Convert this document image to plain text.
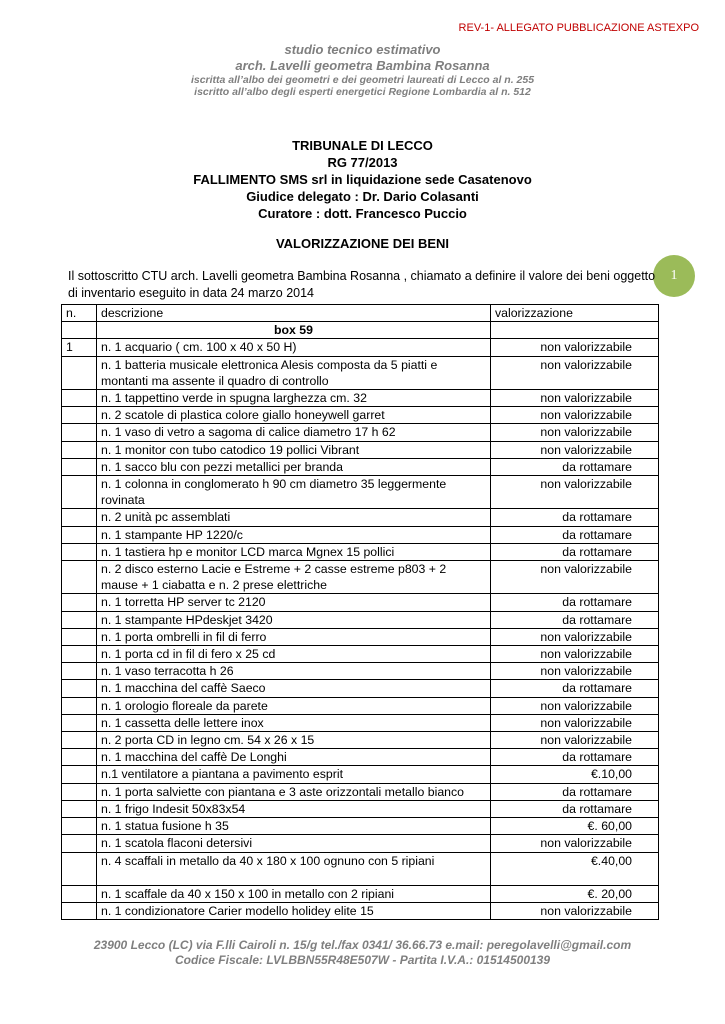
REV-1- ALLEGATO PUBBLICAZIONE ASTEXPO
studio tecnico estimativo
arch. Lavelli geometra Bambina Rosanna
iscritta all’albo dei geometri e dei geometri laureati di Lecco al n. 255
iscritto all’albo degli esperti energetici Regione Lombardia al n. 512
TRIBUNALE DI LECCO
RG 77/2013
FALLIMENTO SMS srl in liquidazione sede Casatenovo
Giudice delegato : Dr. Dario Colasanti
Curatore : dott. Francesco Puccio
VALORIZZAZIONE DEI BENI
1
Il sottoscritto CTU arch. Lavelli geometra Bambina Rosanna , chiamato a definire il valore dei beni oggetto di inventario eseguito in data 24 marzo 2014
n.	descrizione	valorizzazione
	box 59	
1	n. 1 acquario ( cm. 100 x 40 x 50 H)	non valorizzabile
	n. 1 batteria musicale elettronica Alesis composta da 5 piatti e montanti ma assente il quadro di controllo	non valorizzabile
	n. 1 tappettino verde in spugna larghezza cm. 32	non valorizzabile
	n. 2 scatole di plastica colore giallo honeywell garret	non valorizzabile
	n. 1 vaso di vetro a sagoma di calice diametro 17 h 62	non valorizzabile
	n. 1 monitor con tubo catodico 19 pollici Vibrant	non valorizzabile
	n. 1 sacco blu con pezzi metallici per branda	da rottamare
	n. 1 colonna in conglomerato h 90 cm diametro 35 leggermente rovinata	non valorizzabile
	n. 2 unità pc assemblati	da rottamare
	n. 1 stampante HP 1220/c	da rottamare
	n. 1 tastiera hp e monitor LCD marca Mgnex 15 pollici	da rottamare
	n. 2 disco esterno Lacie e Estreme + 2 casse estreme p803 + 2 mause + 1 ciabatta e n. 2 prese elettriche	non valorizzabile
	n. 1 torretta HP server tc 2120	da rottamare
	n. 1 stampante HPdeskjet 3420	da rottamare
	n. 1 porta ombrelli in fil di ferro	non valorizzabile
	n. 1 porta cd in fil di fero x 25 cd	non valorizzabile
	n. 1 vaso terracotta h 26	non valorizzabile
	n. 1 macchina del caffè Saeco	da rottamare
	n. 1 orologio floreale da parete	non valorizzabile
	n. 1 cassetta delle lettere inox	non valorizzabile
	n. 2 porta CD in legno cm. 54 x 26 x 15	non valorizzabile
	n. 1 macchina del caffè De Longhi	da rottamare
	n.1 ventilatore a piantana a pavimento esprit	€.10,00
	n. 1 porta salviette con piantana e 3 aste orizzontali metallo bianco	da rottamare
	n. 1 frigo Indesit 50x83x54	da rottamare
	n. 1 statua fusione h 35	€. 60,00
	n. 1 scatola flaconi detersivi	non valorizzabile
	n. 4 scaffali in metallo da 40 x 180 x 100 ognuno con 5 ripiani	€.40,00
	n. 1 scaffale da 40 x 150 x 100 in metallo con 2 ripiani	€. 20,00
	n. 1 condizionatore Carier modello holidey elite 15	non valorizzabile
23900 Lecco (LC) via F.lli Cairoli n. 15/g tel./fax 0341/ 36.66.73 e.mail: peregolavelli@gmail.com
Codice Fiscale: LVLBBN55R48E507W - Partita I.V.A.: 01514500139
